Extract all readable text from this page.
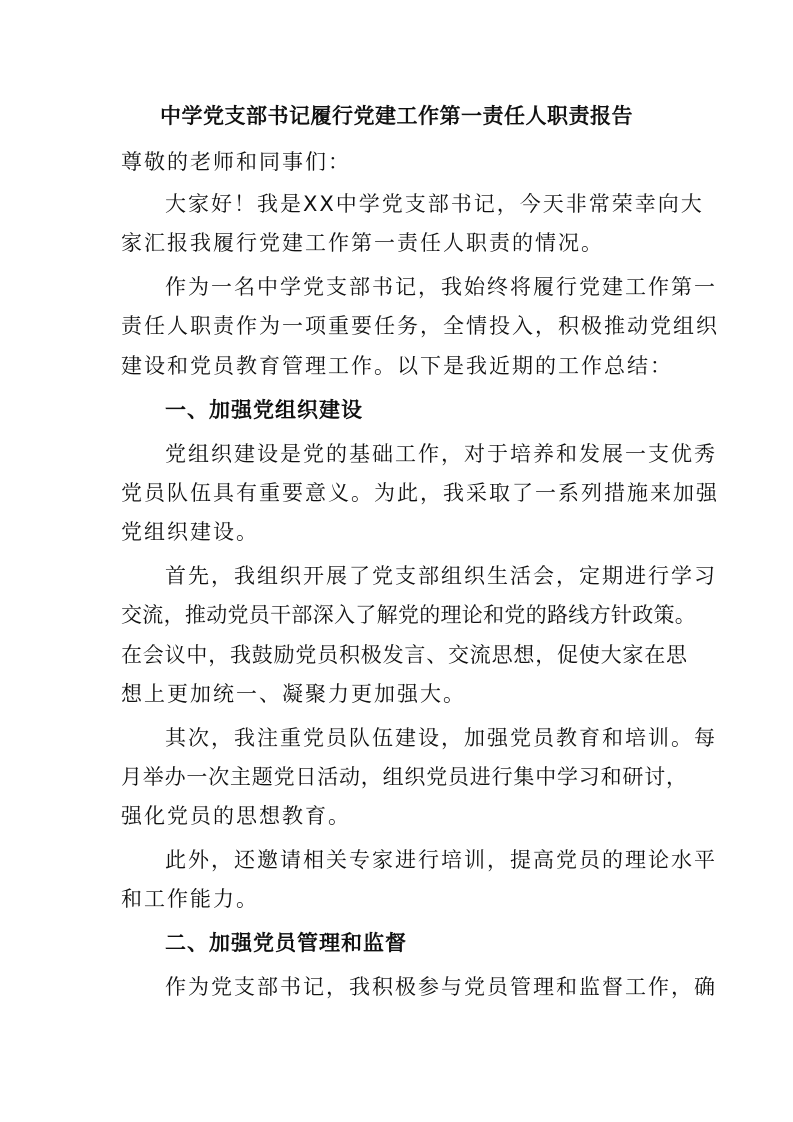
中学党支部书记履行党建工作第一责任人职责报告
尊敬的老师和同事们：
大家好！我是XX中学党支部书记，今天非常荣幸向大
家汇报我履行党建工作第一责任人职责的情况。
作为一名中学党支部书记，我始终将履行党建工作第一
责任人职责作为一项重要任务，全情投入，积极推动党组织
建设和党员教育管理工作。以下是我近期的工作总结：
一、加强党组织建设
党组织建设是党的基础工作，对于培养和发展一支优秀
党员队伍具有重要意义。为此，我采取了一系列措施来加强
党组织建设。
首先，我组织开展了党支部组织生活会，定期进行学习
交流，推动党员干部深入了解党的理论和党的路线方针政策。
在会议中，我鼓励党员积极发言、交流思想，促使大家在思
想上更加统一、凝聚力更加强大。
其次，我注重党员队伍建设，加强党员教育和培训。每
月举办一次主题党日活动，组织党员进行集中学习和研讨，
强化党员的思想教育。
此外，还邀请相关专家进行培训，提高党员的理论水平
和工作能力。
二、加强党员管理和监督
作为党支部书记，我积极参与党员管理和监督工作，确
